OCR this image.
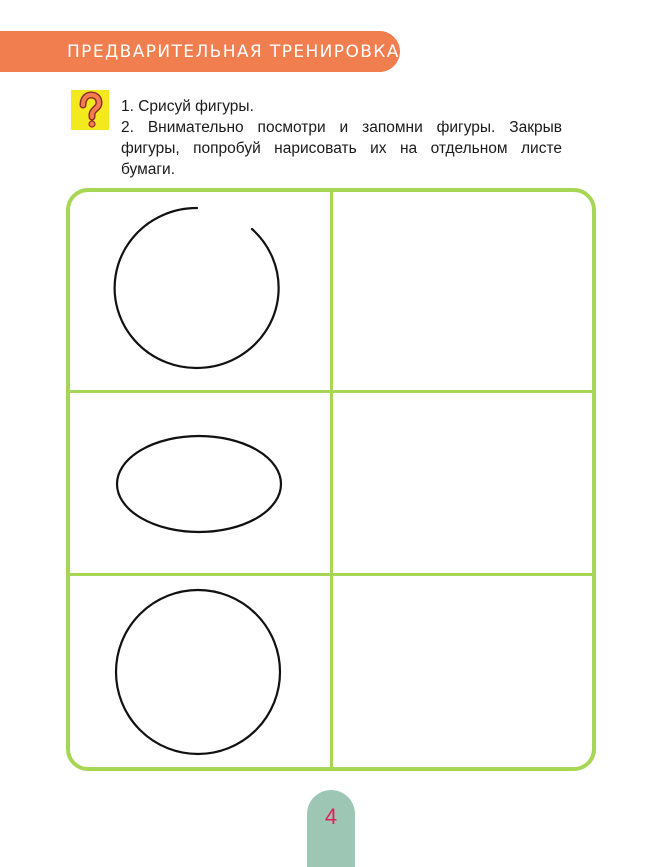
ПРЕДВАРИТЕЛЬНАЯ ТРЕНИРОВКА

1. Срисуй фигуры.

2. Внимательно посмотри и запомни фигуры. Закрыв фигуры, попробуй нарисовать их на отдельном листе бумаги.

4
